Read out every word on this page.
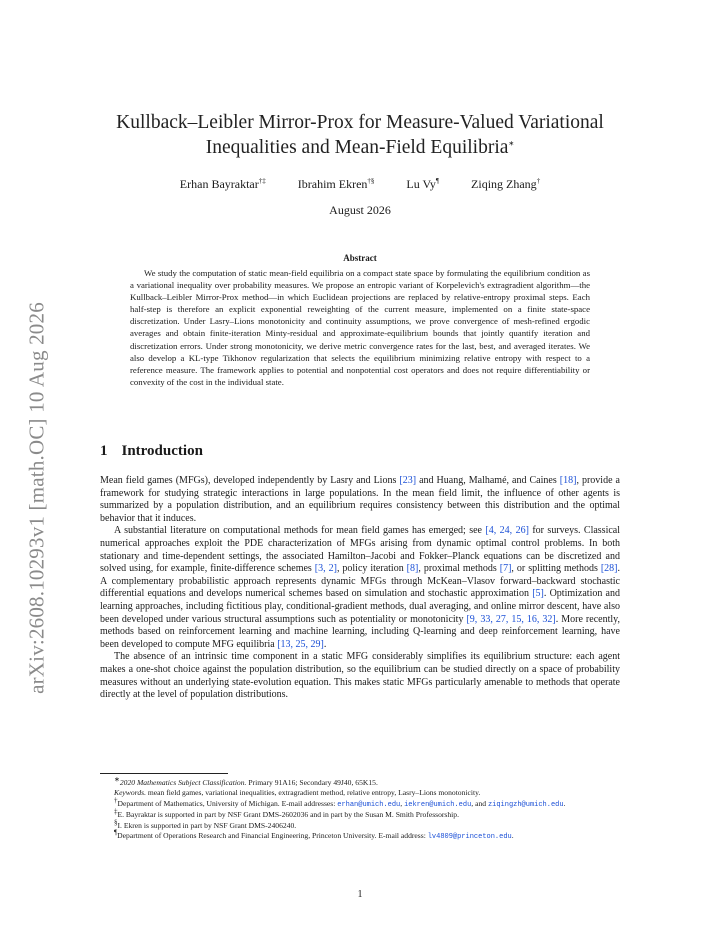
arXiv:2608.10293v1 [math.OC] 10 Aug 2026
Kullback–Leibler Mirror-Prox for Measure-Valued Variational
Inequalities and Mean-Field Equilibria∗
Erhan Bayraktar†‡	Ibrahim Ekren†§	Lu Vy¶	Ziqing Zhang†
August 2026
Abstract

We study the computation of static mean-field equilibria on a compact state space by formulating the equilibrium condition as a variational inequality over probability measures. We propose an entropic variant of Korpelevich's extragradient algorithm—the Kullback–Leibler Mirror-Prox method—in which Euclidean projections are replaced by relative-entropy proximal steps. Each half-step is therefore an explicit exponential reweighting of the current measure, implemented on a finite state-space discretization. Under Lasry–Lions monotonicity and continuity assumptions, we prove convergence of mesh-refined ergodic averages and obtain finite-iteration Minty-residual and approximate-equilibrium bounds that jointly quantify iteration and discretization errors. Under strong monotonicity, we derive metric convergence rates for the last, best, and averaged iterates. We also develop a KL-type Tikhonov regularization that selects the equilibrium minimizing relative entropy with respect to a reference measure. The framework applies to potential and nonpotential cost operators and does not require differentiability or convexity of the cost in the individual state.

1 Introduction

Mean field games (MFGs), developed independently by Lasry and Lions [23] and Huang, Malhamé, and Caines [18], provide a framework for studying strategic interactions in large populations. In the mean field limit, the influence of other agents is summarized by a population distribution, and an equilibrium requires consistency between this distribution and the optimal behavior that it induces.

A substantial literature on computational methods for mean field games has emerged; see [4, 24, 26] for surveys. Classical numerical approaches exploit the PDE characterization of MFGs arising from dynamic optimal control problems. In both stationary and time-dependent settings, the associated Hamilton–Jacobi and Fokker–Planck equations can be discretized and solved using, for example, finite-difference schemes [3, 2], policy iteration [8], proximal methods [7], or splitting methods [28]. A complementary probabilistic approach represents dynamic MFGs through McKean–Vlasov forward–backward stochastic differential equations and develops numerical schemes based on simulation and stochastic approximation [5]. Optimization and learning approaches, including fictitious play, conditional-gradient methods, dual averaging, and online mirror descent, have also been developed under various structural assumptions such as potentiality or monotonicity [9, 33, 27, 15, 16, 32]. More recently, methods based on reinforcement learning and machine learning, including Q-learning and deep reinforcement learning, have been developed to compute MFG equilibria [13, 25, 29].

The absence of an intrinsic time component in a static MFG considerably simplifies its equilibrium structure: each agent makes a one-shot choice against the population distribution, so the equilibrium can be studied directly on a space of probability measures without an underlying state-evolution equation. This makes static MFGs particularly amenable to methods that operate directly at the level of population distributions.

∗2020 Mathematics Subject Classification. Primary 91A16; Secondary 49J40, 65K15.
Keywords. mean field games, variational inequalities, extragradient method, relative entropy, Lasry–Lions monotonicity.
†Department of Mathematics, University of Michigan. E-mail addresses: erhan@umich.edu, iekren@umich.edu, and ziqingzh@umich.edu.
‡E. Bayraktar is supported in part by NSF Grant DMS-2602036 and in part by the Susan M. Smith Professorship.
§I. Ekren is supported in part by NSF Grant DMS-2406240.
¶Department of Operations Research and Financial Engineering, Princeton University. E-mail address: lv4809@princeton.edu.
1
